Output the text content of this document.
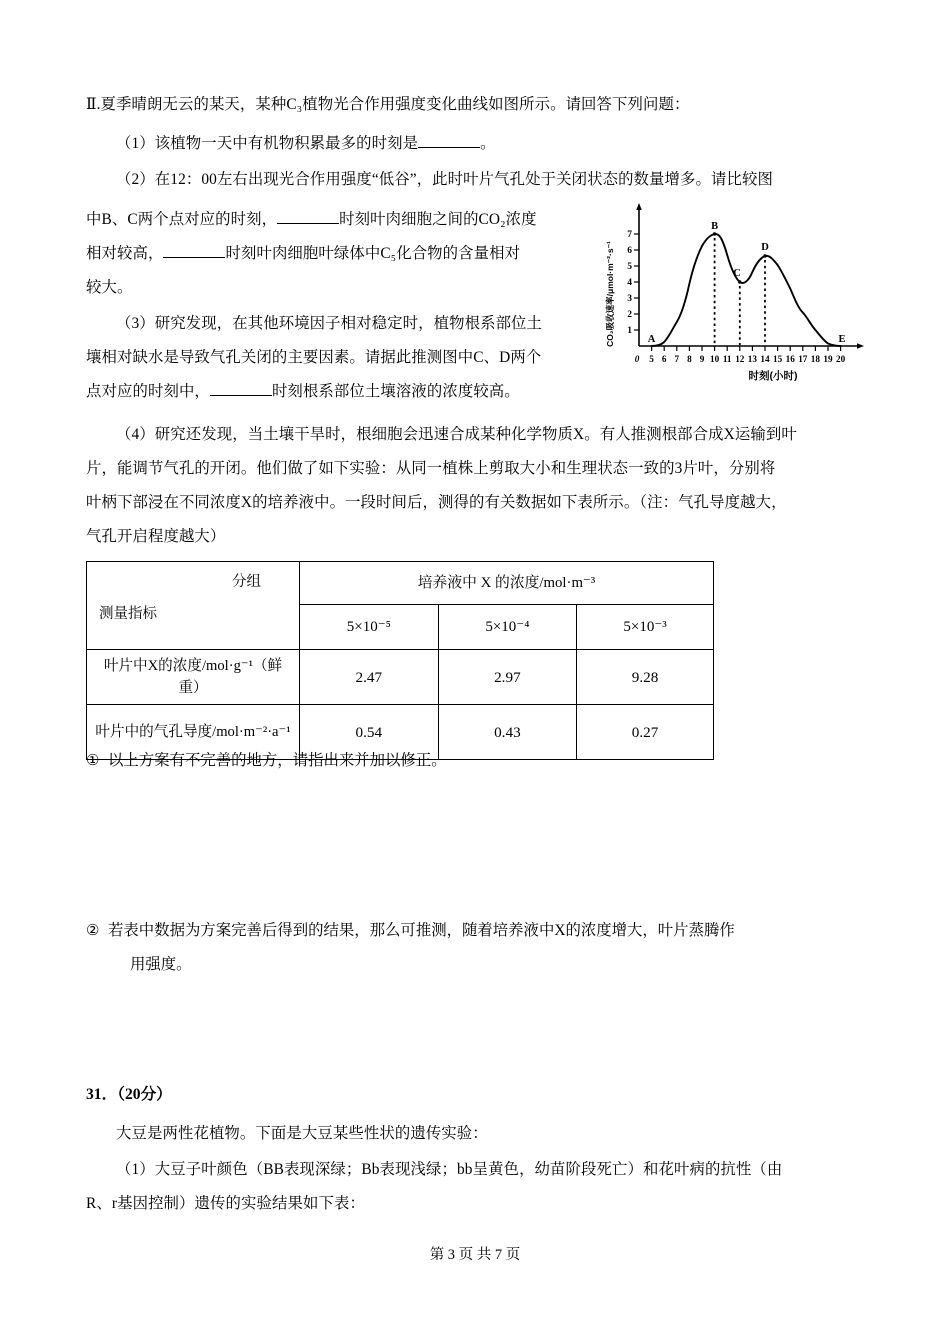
Ⅱ.夏季晴朗无云的某天，某种C₃植物光合作用强度变化曲线如图所示。请回答下列问题：
（1）该植物一天中有机物积累最多的时刻是	。
（2）在12：00左右出现光合作用强度“低谷”，此时叶片气孔处于关闭状态的数量增多。请比较图
中B、C两个点对应的时刻，	时刻叶肉细胞之间的CO₂浓度
相对较高，	时刻叶肉细胞叶绿体中C₅化合物的含量相对
较大。
（3）研究发现，在其他环境因子相对稳定时，植物根系部位土
壤相对缺水是导致气孔关闭的主要因素。请据此推测图中C、D两个
点对应的时刻中，	时刻根系部位土壤溶液的浓度较高。
（4）研究还发现，当土壤干旱时，根细胞会迅速合成某种化学物质X。有人推测根部合成X运输到叶
片，能调节气孔的开闭。他们做了如下实验：从同一植株上剪取大小和生理状态一致的3片叶，分别将
叶柄下部浸在不同浓度X的培养液中。一段时间后，测得的有关数据如下表所示。（注：气孔导度越大，
气孔开启程度越大）
① 以上方案有不完善的地方，请指出来并加以修正。
② 若表中数据为方案完善后得到的结果，那么可推测，随着培养液中X的浓度增大，叶片蒸腾作
用强度。
31．（20分）
大豆是两性花植物。下面是大豆某些性状的遗传实验：
（1）大豆子叶颜色（BB表现深绿；Bb表现浅绿；bb呈黄色，幼苗阶段死亡）和花叶病的抗性（由
R、r基因控制）遗传的实验结果如下表：
CO₂吸收速率/μmol·m⁻²·s⁻¹ 1
2
3
4
5
6
7
0 5 6 7 8 9 10 11 12 13 14 15 16 17 18 19 20
时刻(小时)
A
B
C
D
E
分组
测量指标	培养液中 X 的浓度/mol·m⁻³		
	5×10⁻⁵	5×10⁻⁴	5×10⁻³
叶片中X的浓度/mol·g⁻¹（鲜重）	2.47	2.97	9.28
叶片中的气孔导度/mol·m⁻²·a⁻¹	0.54	0.43	0.27
第 3 页 共 7 页
